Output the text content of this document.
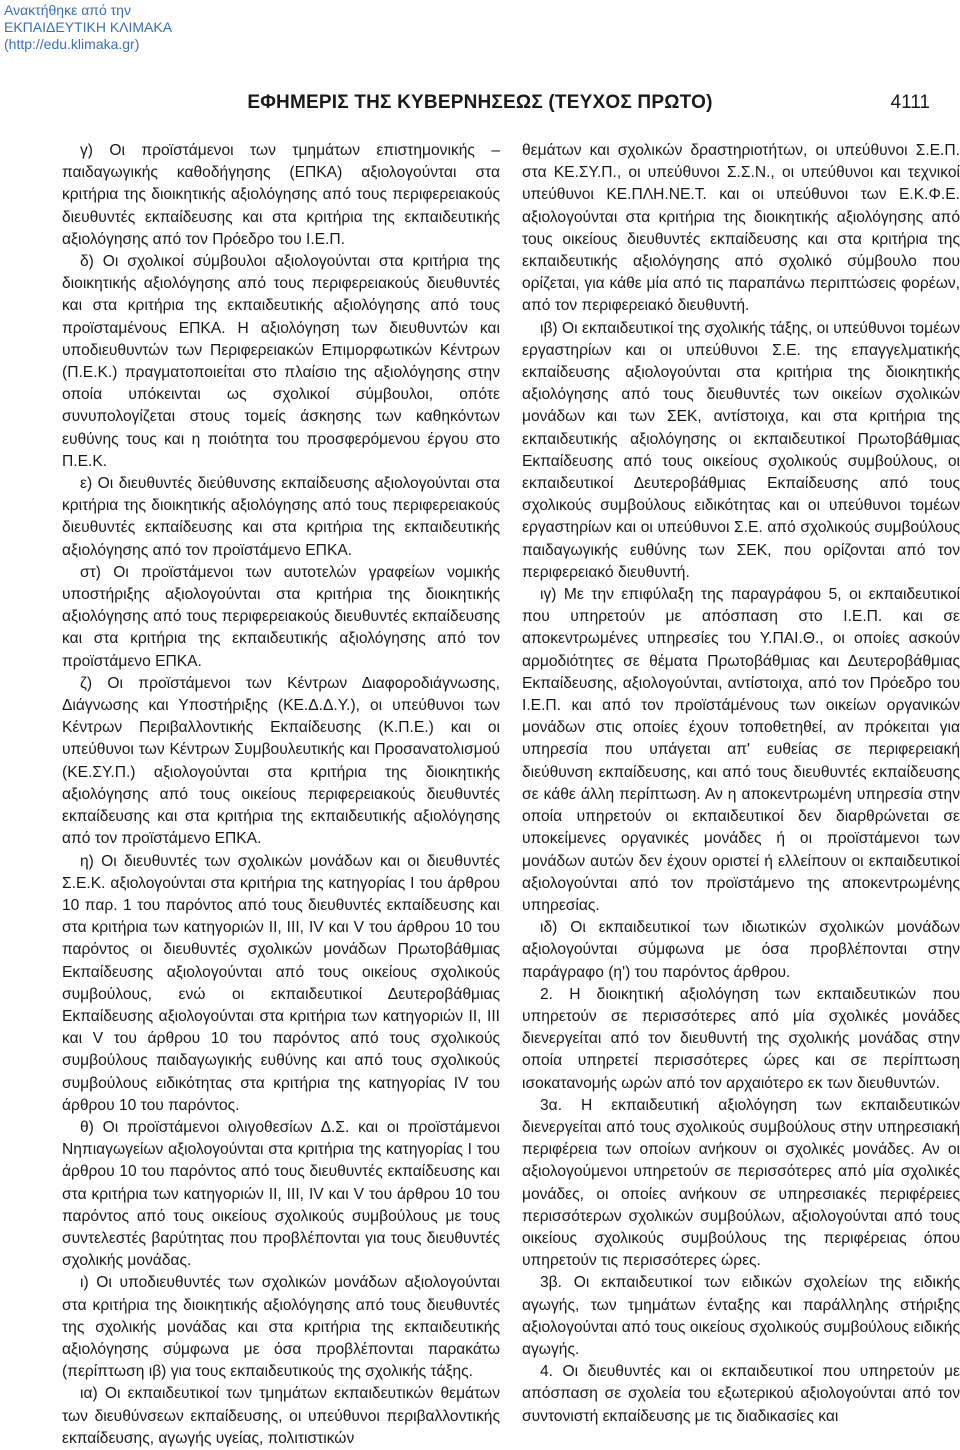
Ανακτήθηκε από την
ΕΚΠΑΙΔΕΥΤΙΚΗ ΚΛΙΜΑΚΑ
(http://edu.klimaka.gr)
ΕΦΗΜΕΡΙΣ ΤΗΣ ΚΥΒΕΡΝΗΣΕΩΣ (ΤΕΥΧΟΣ ΠΡΩΤΟ)	4111

γ) Οι προϊστάμενοι των τμημάτων επιστημονικής – παιδαγωγικής καθοδήγησης (ΕΠΚΑ) αξιολογούνται στα κριτήρια της διοικητικής αξιολόγησης από τους περιφερειακούς διευθυντές εκπαίδευσης και στα κριτήρια της εκπαιδευτικής αξιολόγησης από τον Πρόεδρο του Ι.Ε.Π.

δ) Οι σχολικοί σύμβουλοι αξιολογούνται στα κριτήρια της διοικητικής αξιολόγησης από τους περιφερειακούς διευθυντές και στα κριτήρια της εκπαιδευτικής αξιολόγησης από τους προϊσταμένους ΕΠΚΑ. Η αξιολόγηση των διευθυντών και υποδιευθυντών των Περιφερειακών Επιμορφωτικών Κέντρων (Π.Ε.Κ.) πραγματοποιείται στο πλαίσιο της αξιολόγησης στην οποία υπόκεινται ως σχολικοί σύμβουλοι, οπότε συνυπολογίζεται στους τομείς άσκησης των καθηκόντων ευθύνης τους και η ποιότητα του προσφερόμενου έργου στο Π.Ε.Κ.

ε) Οι διευθυντές διεύθυνσης εκπαίδευσης αξιολογούνται στα κριτήρια της διοικητικής αξιολόγησης από τους περιφερειακούς διευθυντές εκπαίδευσης και στα κριτήρια της εκπαιδευτικής αξιολόγησης από τον προϊστάμενο ΕΠΚΑ.

στ) Οι προϊστάμενοι των αυτοτελών γραφείων νομικής υποστήριξης αξιολογούνται στα κριτήρια της διοικητικής αξιολόγησης από τους περιφερειακούς διευθυντές εκπαίδευσης και στα κριτήρια της εκπαιδευτικής αξιολόγησης από τον προϊστάμενο ΕΠΚΑ.

ζ) Οι προϊστάμενοι των Κέντρων Διαφοροδιάγνωσης, Διάγνωσης και Υποστήριξης (ΚΕ.Δ.Δ.Υ.), οι υπεύθυνοι των Κέντρων Περιβαλλοντικής Εκπαίδευσης (Κ.Π.Ε.) και οι υπεύθυνοι των Κέντρων Συμβουλευτικής και Προσανατολισμού (ΚΕ.ΣΥ.Π.) αξιολογούνται στα κριτήρια της διοικητικής αξιολόγησης από τους οικείους περιφερειακούς διευθυντές εκπαίδευσης και στα κριτήρια της εκπαιδευτικής αξιολόγησης από τον προϊστάμενο ΕΠΚΑ.

η) Οι διευθυντές των σχολικών μονάδων και οι διευθυντές Σ.Ε.Κ. αξιολογούνται στα κριτήρια της κατηγορίας Ι του άρθρου 10 παρ. 1 του παρόντος από τους διευθυντές εκπαίδευσης και στα κριτήρια των κατηγοριών ΙΙ, ΙΙΙ, ΙV και V του άρθρου 10 του παρόντος οι διευθυντές σχολικών μονάδων Πρωτοβάθμιας Εκπαίδευσης αξιολογούνται από τους οικείους σχολικούς συμβούλους, ενώ οι εκπαιδευτικοί Δευτεροβάθμιας Εκπαίδευσης αξιολογούνται στα κριτήρια των κατηγοριών ΙΙ, ΙΙΙ και V του άρθρου 10 του παρόντος από τους σχολικούς συμβούλους παιδαγωγικής ευθύνης και από τους σχολικούς συμβούλους ειδικότητας στα κριτήρια της κατηγορίας IV του άρθρου 10 του παρόντος.

θ) Οι προϊστάμενοι ολιγοθεσίων Δ.Σ. και οι προϊστάμενοι Νηπιαγωγείων αξιολογούνται στα κριτήρια της κατηγορίας Ι του άρθρου 10 του παρόντος από τους διευθυντές εκπαίδευσης και στα κριτήρια των κατηγοριών ΙΙ, ΙΙΙ, ΙV και V του άρθρου 10 του παρόντος από τους οικείους σχολικούς συμβούλους με τους συντελεστές βαρύτητας που προβλέπονται για τους διευθυντές σχολικής μονάδας.

ι) Οι υποδιευθυντές των σχολικών μονάδων αξιολογούνται στα κριτήρια της διοικητικής αξιολόγησης από τους διευθυντές της σχολικής μονάδας και στα κριτήρια της εκπαιδευτικής αξιολόγησης σύμφωνα με όσα προβλέπονται παρακάτω (περίπτωση ιβ) για τους εκπαιδευτικούς της σχολικής τάξης.

ια) Οι εκπαιδευτικοί των τμημάτων εκπαιδευτικών θεμάτων των διευθύνσεων εκπαίδευσης, οι υπεύθυνοι περιβαλλοντικής εκπαίδευσης, αγωγής υγείας, πολιτιστικών

θεμάτων και σχολικών δραστηριοτήτων, οι υπεύθυνοι Σ.Ε.Π. στα ΚΕ.ΣΥ.Π., οι υπεύθυνοι Σ.Σ.Ν., οι υπεύθυνοι και τεχνικοί υπεύθυνοι ΚΕ.ΠΛΗ.ΝΕ.Τ. και οι υπεύθυνοι των Ε.Κ.Φ.Ε. αξιολογούνται στα κριτήρια της διοικητικής αξιολόγησης από τους οικείους διευθυντές εκπαίδευσης και στα κριτήρια της εκπαιδευτικής αξιολόγησης από σχολικό σύμβουλο που ορίζεται, για κάθε μία από τις παραπάνω περιπτώσεις φορέων, από τον περιφερειακό διευθυντή.

ιβ) Οι εκπαιδευτικοί της σχολικής τάξης, οι υπεύθυνοι τομέων εργαστηρίων και οι υπεύθυνοι Σ.Ε. της επαγγελματικής εκπαίδευσης αξιολογούνται στα κριτήρια της διοικητικής αξιολόγησης από τους διευθυντές των οικείων σχολικών μονάδων και των ΣΕΚ, αντίστοιχα, και στα κριτήρια της εκπαιδευτικής αξιολόγησης οι εκπαιδευτικοί Πρωτοβάθμιας Εκπαίδευσης από τους οικείους σχολικούς συμβούλους, οι εκπαιδευτικοί Δευτεροβάθμιας Εκπαίδευσης από τους σχολικούς συμβούλους ειδικότητας και οι υπεύθυνοι τομέων εργαστηρίων και οι υπεύθυνοι Σ.Ε. από σχολικούς συμβούλους παιδαγωγικής ευθύνης των ΣΕΚ, που ορίζονται από τον περιφερειακό διευθυντή.

ιγ) Με την επιφύλαξη της παραγράφου 5, οι εκπαιδευτικοί που υπηρετούν με απόσπαση στο Ι.Ε.Π. και σε αποκεντρωμένες υπηρεσίες του Υ.ΠΑΙ.Θ., οι οποίες ασκούν αρμοδιότητες σε θέματα Πρωτοβάθμιας και Δευτεροβάθμιας Εκπαίδευσης, αξιολογούνται, αντίστοιχα, από τον Πρόεδρο του Ι.Ε.Π. και από τον προϊστάμένους των οικείων οργανικών μονάδων στις οποίες έχουν τοποθετηθεί, αν πρόκειται για υπηρεσία που υπάγεται απ' ευθείας σε περιφερειακή διεύθυνση εκπαίδευσης, και από τους διευθυντές εκπαίδευσης σε κάθε άλλη περίπτωση. Αν η αποκεντρωμένη υπηρεσία στην οποία υπηρετούν οι εκπαιδευτικοί δεν διαρθρώνεται σε υποκείμενες οργανικές μονάδες ή οι προϊστάμενοι των μονάδων αυτών δεν έχουν οριστεί ή ελλείπουν οι εκπαιδευτικοί αξιολογούνται από τον προϊστάμενο της αποκεντρωμένης υπηρεσίας.

ιδ) Οι εκπαιδευτικοί των ιδιωτικών σχολικών μονάδων αξιολογούνται σύμφωνα με όσα προβλέπονται στην παράγραφο (η') του παρόντος άρθρου.

2. Η διοικητική αξιολόγηση των εκπαιδευτικών που υπηρετούν σε περισσότερες από μία σχολικές μονάδες διενεργείται από τον διευθυντή της σχολικής μονάδας στην οποία υπηρετεί περισσότερες ώρες και σε περίπτωση ισοκατανομής ωρών από τον αρχαιότερο εκ των διευθυντών.

3α. Η εκπαιδευτική αξιολόγηση των εκπαιδευτικών διενεργείται από τους σχολικούς συμβούλους στην υπηρεσιακή περιφέρεια των οποίων ανήκουν οι σχολικές μονάδες. Αν οι αξιολογούμενοι υπηρετούν σε περισσότερες από μία σχολικές μονάδες, οι οποίες ανήκουν σε υπηρεσιακές περιφέρειες περισσότερων σχολικών συμβούλων, αξιολογούνται από τους οικείους σχολικούς συμβούλους της περιφέρειας όπου υπηρετούν τις περισσότερες ώρες.

3β. Οι εκπαιδευτικοί των ειδικών σχολείων της ειδικής αγωγής, των τμημάτων ένταξης και παράλληλης στήριξης αξιολογούνται από τους οικείους σχολικούς συμβούλους ειδικής αγωγής.

4. Οι διευθυντές και οι εκπαιδευτικοί που υπηρετούν με απόσπαση σε σχολεία του εξωτερικού αξιολογούνται από τον συντονιστή εκπαίδευσης με τις διαδικασίες και
